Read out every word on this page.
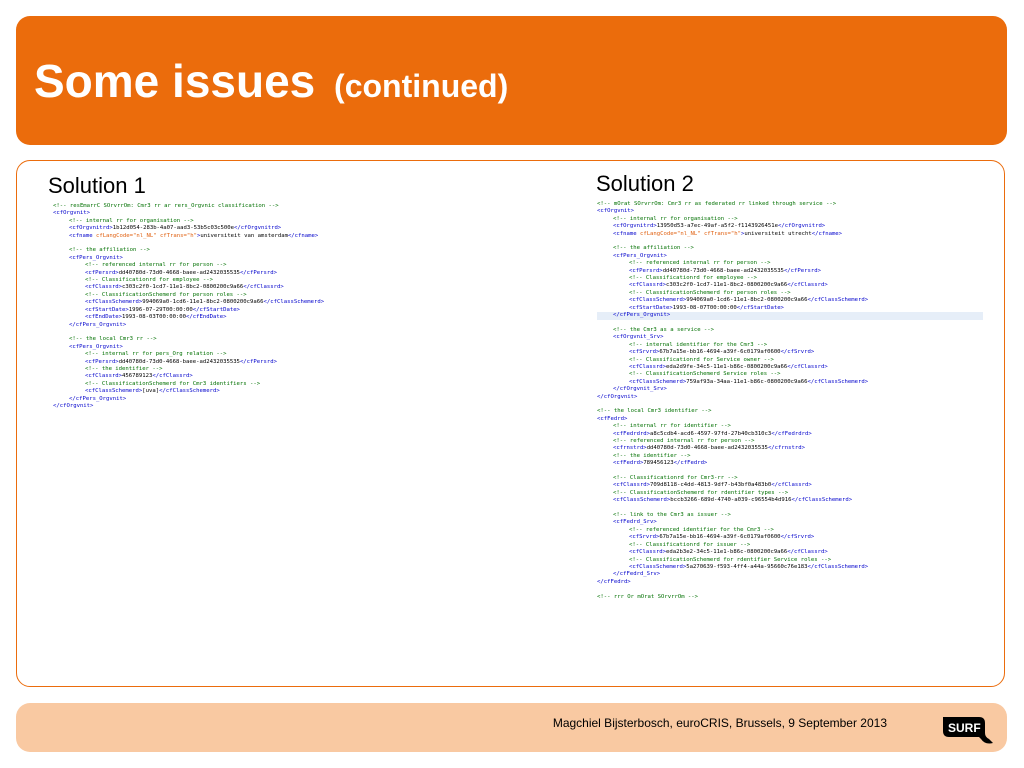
Some issues (continued)
Solution 1
<!-- resEmarrC SOrvrrOm: Cmr3 rr ar rers_Orgvnic classification -->
<cfOrgvnit>
<!-- internal rr for organisation -->
<cfOrgvnitrd>1b12d054-283b-4a07-aad3-53b5c03c500e</cfOrgvnitrd>
<cfname cfLangCode="nl_NL" cfTrans="h">universiteit van amsterdam</cfname>

<!-- the affiliation -->
<cfPers_Orgvnit>
<!-- referenced internal rr for person -->
<cfPersrd>dd40780d-73d0-4668-baee-ad2432035535</cfPersrd>
<!-- Classificationrd for employee -->
<cfClassrd>c303c2f0-1cd7-11e1-8bc2-0800200c9a66</cfClassrd>
<!-- ClassificationSchemerd for person roles -->
<cfClassSchemerd>994069a0-1cd6-11e1-8bc2-0800200c9a66</cfClassSchemerd>
<cfStartDate>1996-07-29T00:00:00</cfStartDate>
<cfEndDate>1993-08-03T00:00:00</cfEndDate>
</cfPers_Orgvnit>

<!-- the local Cmr3 rr -->
<cfPers_Orgvnit>
<!-- internal rr for pers_Org relation -->
<cfPersrd>dd40780d-73d0-4668-baee-ad2432035535</cfPersrd>
<!-- the identifier -->
<cfClassrd>456789123</cfClassrd>
<!-- ClassificationSchemerd for Cmr3 identifiers -->
<cfClassSchemerd>[uva]</cfClassSchemerd>
</cfPers_Orgvnit>
</cfOrgvnit>
Solution 2
<!-- mOrat SOrvrrOm: Cmr3 rr as federated rr linked through service -->
<cfOrgvnit>
<!-- internal rr for organisation -->
<cfOrgvnitrd>13950d53-a7ec-49af-a5f2-f1143926451e</cfOrgvnitrd>
<cfname cfLangCode="nl_NL" cfTrans="h">universiteit utrecht</cfname>

<!-- the affiliation -->
<cfPers_Orgvnit>
<!-- referenced internal rr for person -->
<cfPersrd>dd40780d-73d0-4668-baee-ad2432035535</cfPersrd>
<!-- Classificationrd for employee -->
<cfClassrd>c303c2f0-1cd7-11e1-8bc2-0800200c9a66</cfClassrd>
<!-- ClassificationSchemerd for person roles -->
<cfClassSchemerd>994069a0-1cd6-11e1-8bc2-0800200c9a66</cfClassSchemerd>
<cfStartDate>1993-08-07T00:00:00</cfStartDate>
</cfPers_Orgvnit>

<!-- the Cmr3 as a service -->
<cfOrgvnit_Srv>
<!-- internal identifier for the Cmr3 -->
<cfSrvrd>67b7a15e-bb16-4694-a39f-6c0179af0600</cfSrvrd>
<!-- Classificationrd for Service owner -->
<cfClassrd>eda2d9fe-34c5-11e1-b86c-0800200c9a66</cfClassrd>
<!-- ClassificationSchemerd Service roles -->
<cfClassSchemerd>759af93a-34aa-11e1-b86c-0800200c9a66</cfClassSchemerd>
</cfOrgvnit_Srv>
</cfOrgvnit>

<!-- the local Cmr3 identifier -->
<cfFedrd>
<!-- internal rr for identifier -->
<cfFedrdrd>a8c5cdb4-acd6-4597-97fd-27b40cb310c3</cfFedrdrd>
<!-- referenced internal rr for person -->
<cfrnstrd>dd40780d-73d0-4668-baee-ad2432035535</cfrnstrd>
<!-- the identifier -->
<cfFedrd>789456123</cfFedrd>

<!-- Classificationrd for Cmr3-rr -->
<cfClassrd>709d8118-c4dd-4813-9df7-b43bf0a483b0</cfClassrd>
<!-- ClassificationSchemerd for rdentifier types -->
<cfClassSchemerd>bccb3266-689d-4740-a039-c96554b4d916</cfClassSchemerd>

<!-- link to the Cmr3 as issuer -->
<cfFedrd_Srv>
<!-- referenced identifier for the Cmr3 -->
<cfSrvrd>67b7a15e-bb16-4694-a39f-6c0179af0600</cfSrvrd>
<!-- Classificationrd for issuer -->
<cfClassrd>eda2b3e2-34c5-11e1-b86c-0800200c9a66</cfClassrd>
<!-- ClassificationSchemerd for rdentifier Service roles -->
<cfClassSchemerd>5a270639-f593-4ff4-a44a-95660c76e183</cfClassSchemerd>
</cfFedrd_Srv>
</cfFedrd>

<!-- rrr Or mOrat SOrvrrOm -->
Magchiel Bijsterbosch, euroCRIS, Brussels, 9 September 2013	SURF
